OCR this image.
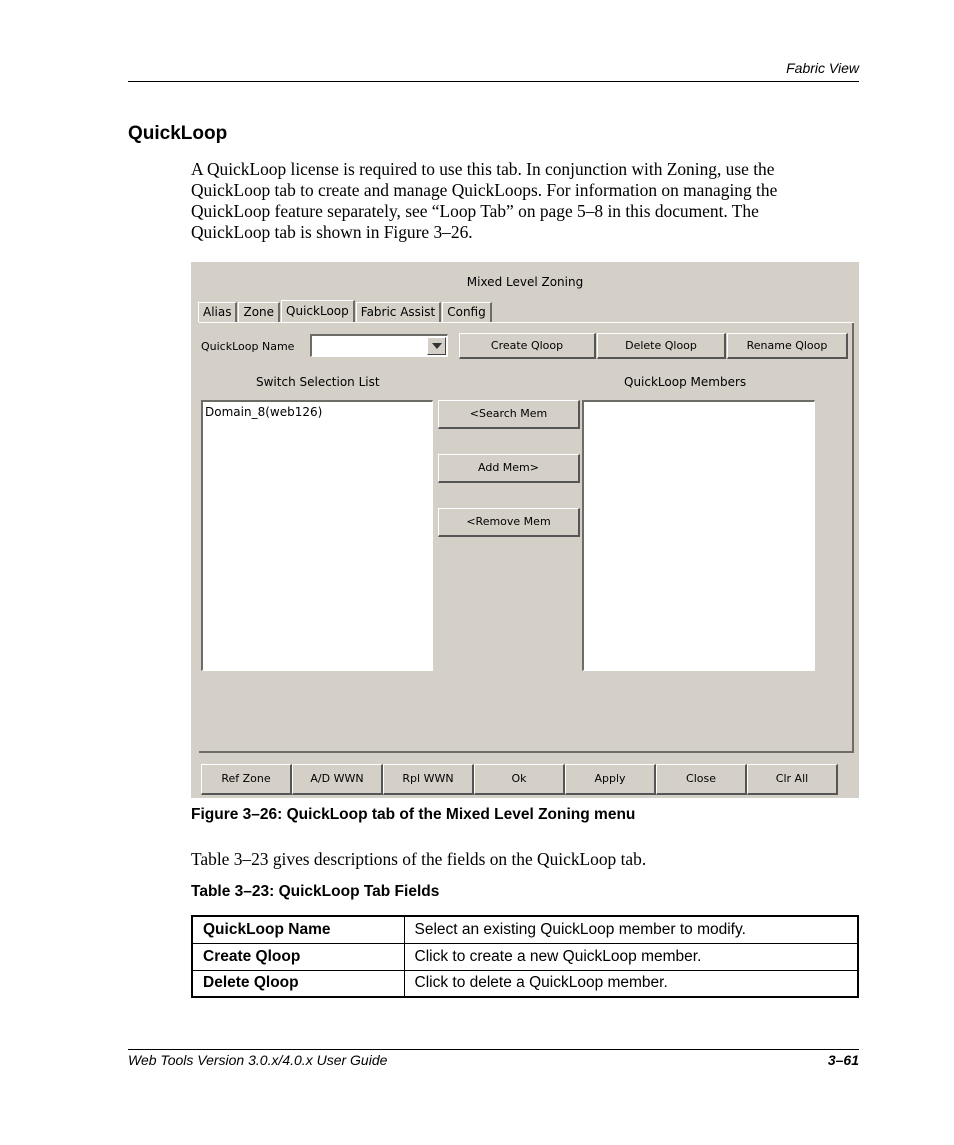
Fabric View
QuickLoop
A QuickLoop license is required to use this tab. In conjunction with Zoning, use the
QuickLoop tab to create and manage QuickLoops. For information on managing the
QuickLoop feature separately, see “Loop Tab” on page 5–8 in this document. The
QuickLoop tab is shown in Figure 3–26.
Mixed Level Zoning
Alias	Zone	QuickLoop	Fabric Assist	Config
QuickLoop Name	Create Qloop	Delete Qloop	Rename Qloop
Switch Selection List	QuickLoop Members
Domain_8(web126)	<Search Mem
Add Mem>
<Remove Mem
Ref Zone	A/D WWN	Rpl WWN	Ok	Apply	Close	Clr All
Figure 3–26: QuickLoop tab of the Mixed Level Zoning menu
Table 3–23 gives descriptions of the fields on the QuickLoop tab.
Table 3–23: QuickLoop Tab Fields
QuickLoop Name	Select an existing QuickLoop member to modify.
Create Qloop	Click to create a new QuickLoop member.
Delete Qloop	Click to delete a QuickLoop member.
Web Tools Version 3.0.x/4.0.x User Guide	3–61
